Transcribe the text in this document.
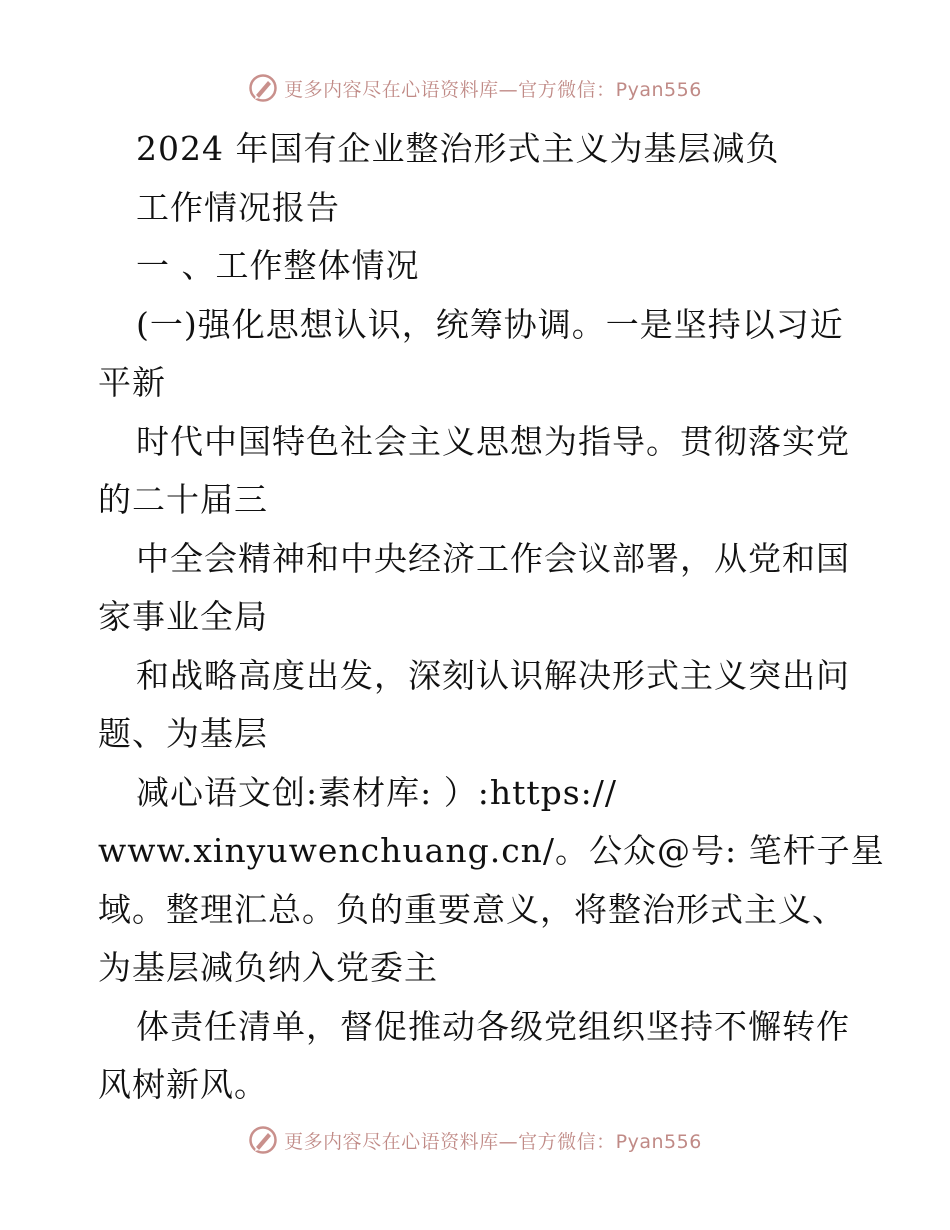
更多内容尽在心语资料库—官方微信：Pyan556
2024 年国有企业整治形式主义为基层减负
工作情况报告
一 、工作整体情况
(一)强化思想认识，统筹协调。一是坚持以习近
平新
时代中国特色社会主义思想为指导。贯彻落实党
的二十届三
中全会精神和中央经济工作会议部署，从党和国
家事业全局
和战略高度出发，深刻认识解决形式主义突出问
题、为基层
减心语文创:素材库: ）:https://
www.xinyuwenchuang.cn/。公众@号: 笔杆子星
域。整理汇总。负的重要意义，将整治形式主义、
为基层减负纳入党委主
体责任清单，督促推动各级党组织坚持不懈转作
风树新风。
更多内容尽在心语资料库—官方微信：Pyan556
